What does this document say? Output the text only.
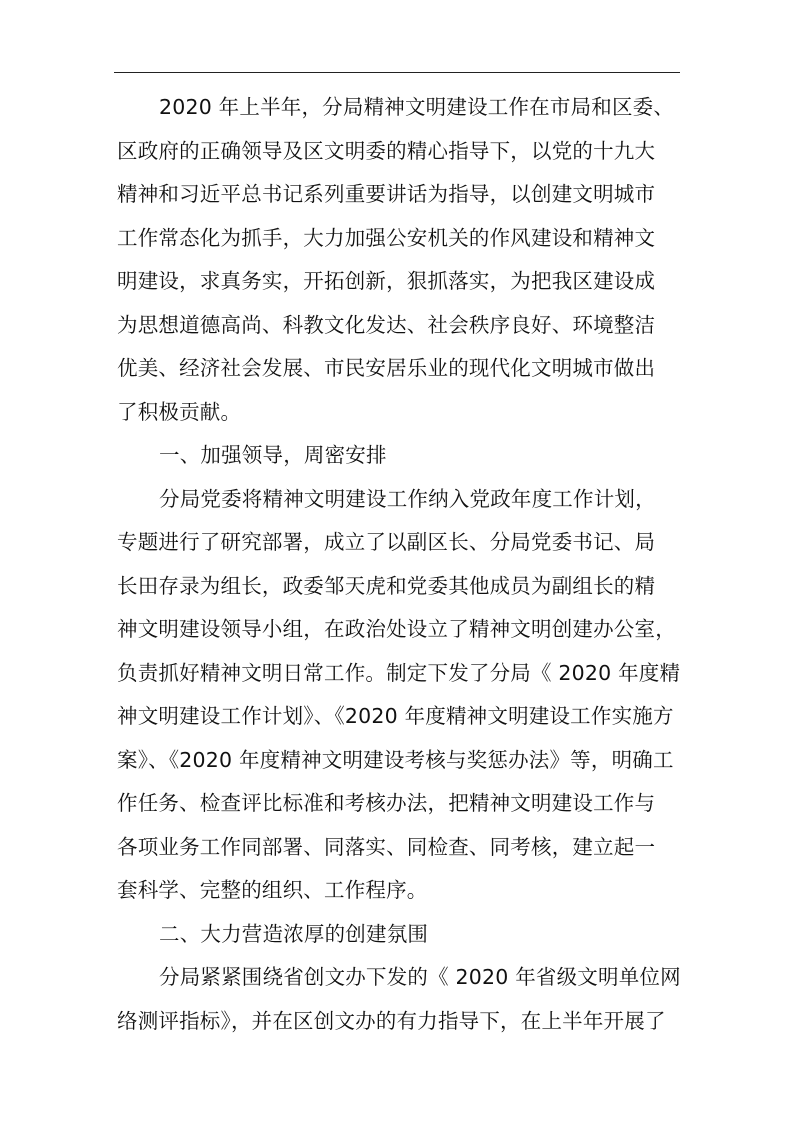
2020 年上半年，分局精神文明建设工作在市局和区委、
区政府的正确领导及区文明委的精心指导下，以党的十九大
精神和习近平总书记系列重要讲话为指导，以创建文明城市
工作常态化为抓手，大力加强公安机关的作风建设和精神文
明建设，求真务实，开拓创新，狠抓落实，为把我区建设成
为思想道德高尚、科教文化发达、社会秩序良好、环境整洁
优美、经济社会发展、市民安居乐业的现代化文明城市做出
了积极贡献。
一、加强领导，周密安排
分局党委将精神文明建设工作纳入党政年度工作计划，
专题进行了研究部署，成立了以副区长、分局党委书记、局
长田存录为组长，政委邹天虎和党委其他成员为副组长的精
神文明建设领导小组，在政治处设立了精神文明创建办公室，
负责抓好精神文明日常工作。制定下发了分局《 2020 年度精
神文明建设工作计划》、《2020 年度精神文明建设工作实施方
案》、《2020 年度精神文明建设考核与奖惩办法》等，明确工
作任务、检查评比标准和考核办法，把精神文明建设工作与
各项业务工作同部署、同落实、同检查、同考核，建立起一
套科学、完整的组织、工作程序。
二、大力营造浓厚的创建氛围
分局紧紧围绕省创文办下发的《 2020 年省级文明单位网
络测评指标》，并在区创文办的有力指导下，在上半年开展了
